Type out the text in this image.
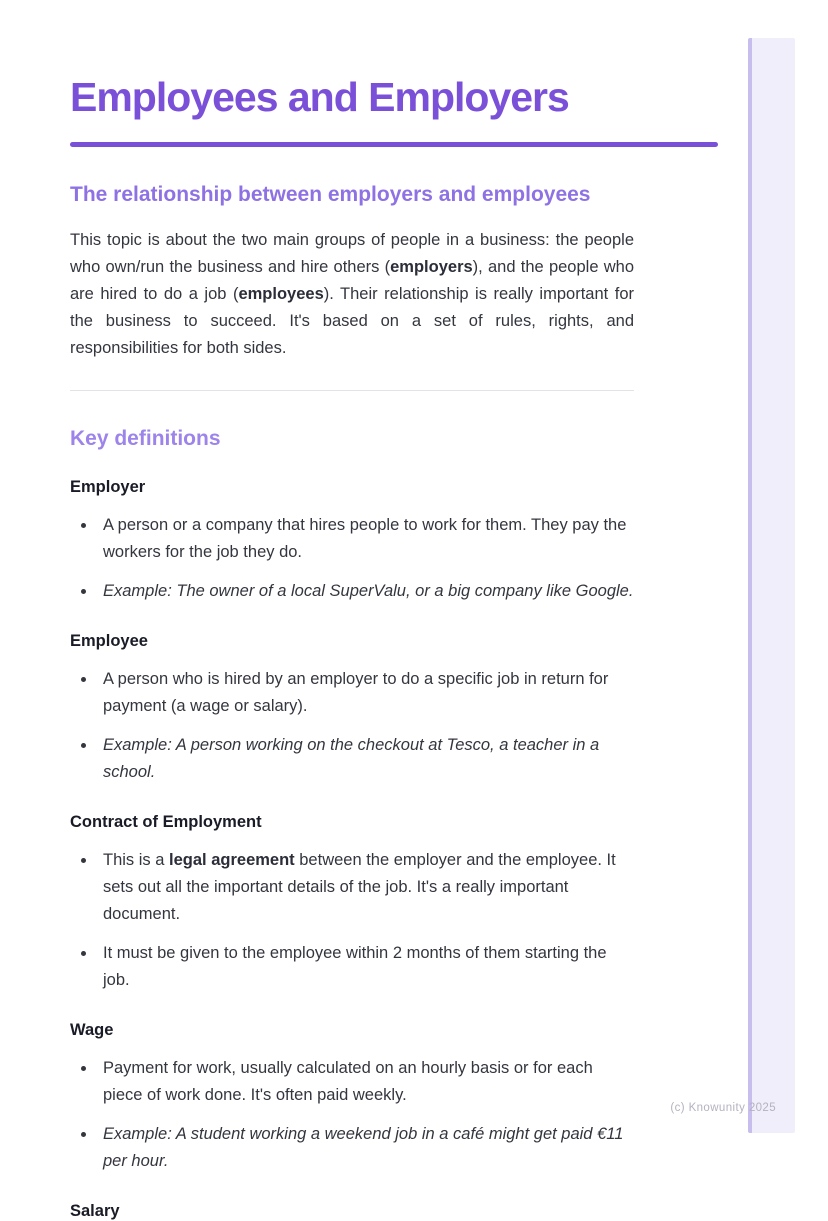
Employees and Employers
The relationship between employers and employees

This topic is about the two main groups of people in a business: the people who own/run the business and hire others (employers), and the people who are hired to do a job (employees). Their relationship is really important for the business to succeed. It's based on a set of rules, rights, and responsibilities for both sides.

Key definitions
Employer
• A person or a company that hires people to work for them. They pay the workers for the job they do.
• Example: The owner of a local SuperValu, or a big company like Google.
Employee
• A person who is hired by an employer to do a specific job in return for payment (a wage or salary).
• Example: A person working on the checkout at Tesco, a teacher in a school.
Contract of Employment
• This is a legal agreement between the employer and the employee. It sets out all the important details of the job. It's a really important document.
• It must be given to the employee within 2 months of them starting the job.
Wage
• Payment for work, usually calculated on an hourly basis or for each piece of work done. It's often paid weekly.
• Example: A student working a weekend job in a café might get paid €11 per hour.
Salary
(c) Knowunity 2025
